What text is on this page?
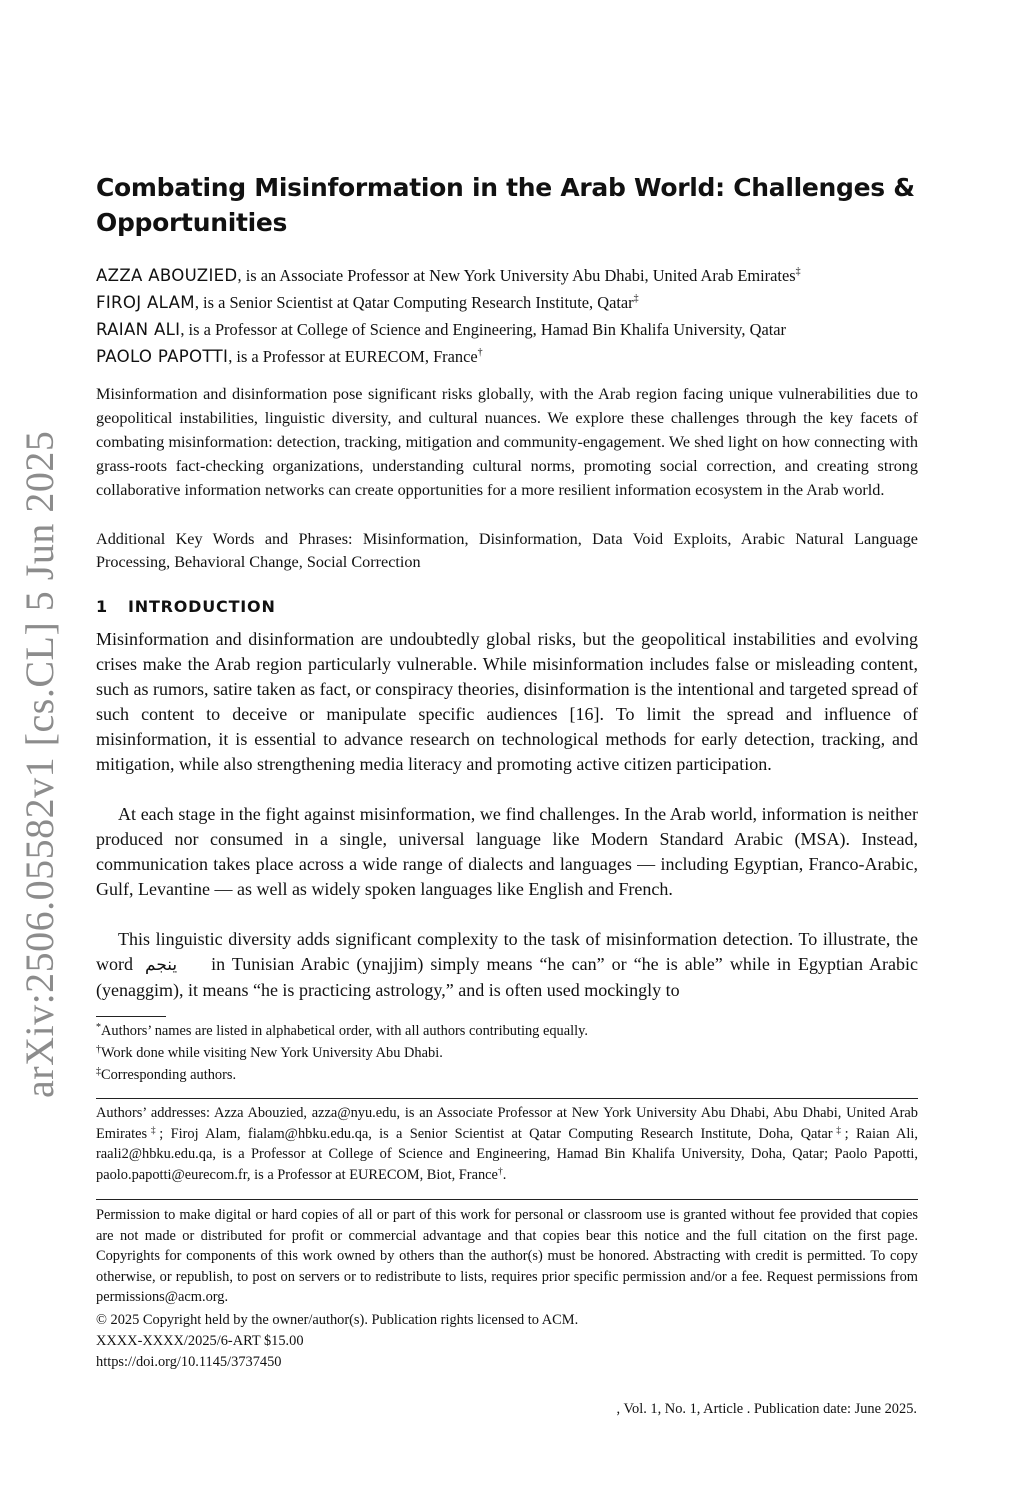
arXiv:2506.05582v1 [cs.CL] 5 Jun 2025
Combating Misinformation in the Arab World: Challenges & Opportunities
AZZA ABOUZIED, is an Associate Professor at New York University Abu Dhabi, United Arab Emirates‡
FIROJ ALAM, is a Senior Scientist at Qatar Computing Research Institute, Qatar‡
RAIAN ALI, is a Professor at College of Science and Engineering, Hamad Bin Khalifa University, Qatar
PAOLO PAPOTTI, is a Professor at EURECOM, France†

Misinformation and disinformation pose significant risks globally, with the Arab region facing unique vulnerabilities due to geopolitical instabilities, linguistic diversity, and cultural nuances. We explore these challenges through the key facets of combating misinformation: detection, tracking, mitigation and community-engagement. We shed light on how connecting with grass-roots fact-checking organizations, understanding cultural norms, promoting social correction, and creating strong collaborative information networks can create opportunities for a more resilient information ecosystem in the Arab world.

Additional Key Words and Phrases: Misinformation, Disinformation, Data Void Exploits, Arabic Natural Language Processing, Behavioral Change, Social Correction

1 INTRODUCTION

Misinformation and disinformation are undoubtedly global risks, but the geopolitical instabilities and evolving crises make the Arab region particularly vulnerable. While misinformation includes false or misleading content, such as rumors, satire taken as fact, or conspiracy theories, disinformation is the intentional and targeted spread of such content to deceive or manipulate specific audiences [16]. To limit the spread and influence of misinformation, it is essential to advance research on technological methods for early detection, tracking, and mitigation, while also strengthening media literacy and promoting active citizen participation.

At each stage in the fight against misinformation, we find challenges. In the Arab world, information is neither produced nor consumed in a single, universal language like Modern Standard Arabic (MSA). Instead, communication takes place across a wide range of dialects and languages — including Egyptian, Franco-Arabic, Gulf, Levantine — as well as widely spoken languages like English and French.

This linguistic diversity adds significant complexity to the task of misinformation detection. To illustrate, the word ينجم in Tunisian Arabic (ynajjim) simply means “he can” or “he is able” while in Egyptian Arabic (yenaggim), it means “he is practicing astrology,” and is often used mockingly to

*Authors’ names are listed in alphabetical order, with all authors contributing equally.
†Work done while visiting New York University Abu Dhabi.
‡Corresponding authors.

Authors’ addresses: Azza Abouzied, azza@nyu.edu, is an Associate Professor at New York University Abu Dhabi, Abu Dhabi, United Arab Emirates‡; Firoj Alam, fialam@hbku.edu.qa, is a Senior Scientist at Qatar Computing Research Institute, Doha, Qatar‡; Raian Ali, raali2@hbku.edu.qa, is a Professor at College of Science and Engineering, Hamad Bin Khalifa University, Doha, Qatar; Paolo Papotti, paolo.papotti@eurecom.fr, is a Professor at EURECOM, Biot, France†.

Permission to make digital or hard copies of all or part of this work for personal or classroom use is granted without fee provided that copies are not made or distributed for profit or commercial advantage and that copies bear this notice and the full citation on the first page. Copyrights for components of this work owned by others than the author(s) must be honored. Abstracting with credit is permitted. To copy otherwise, or republish, to post on servers or to redistribute to lists, requires prior specific permission and/or a fee. Request permissions from permissions@acm.org.

© 2025 Copyright held by the owner/author(s). Publication rights licensed to ACM.
XXXX-XXXX/2025/6-ART $15.00
https://doi.org/10.1145/3737450
, Vol. 1, No. 1, Article . Publication date: June 2025.
